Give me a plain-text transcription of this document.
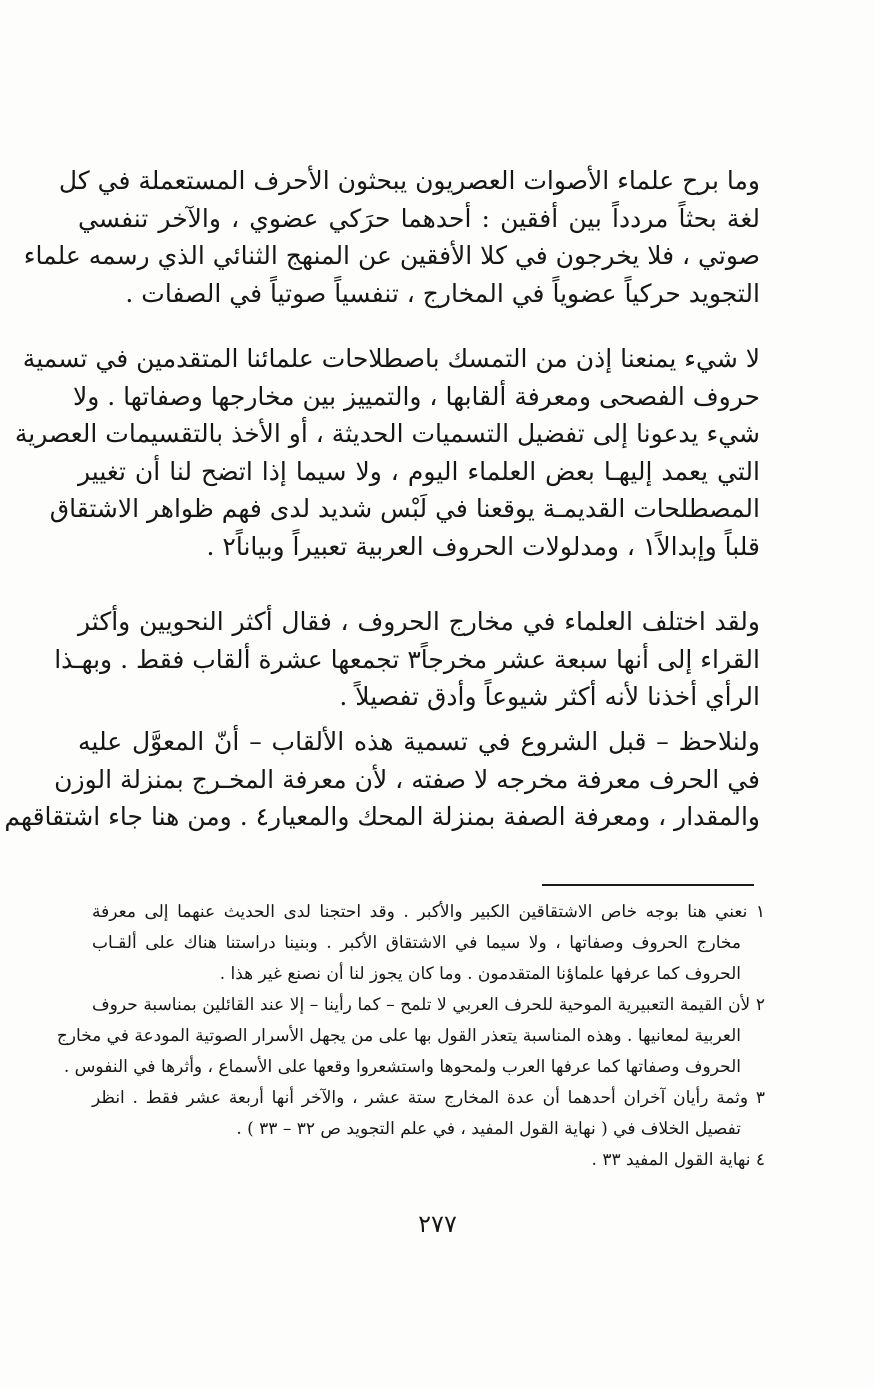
وما برح علماء الأصوات العصريون يبحثون الأحرف المستعملة في كل
لغة بحثاً مردداً بين أفقين : أحدهما حرَكي عضوي ، والآخر تنفسي
صوتي ، فلا يخرجون في كلا الأفقين عن المنهج الثنائي الذي رسمه علماء
التجويد حركياً عضوياً في المخارج ، تنفسياً صوتياً في الصفات .
لا شيء يمنعنا إذن من التمسك باصطلاحات علمائنا المتقدمين في تسمية
حروف الفصحى ومعرفة ألقابها ، والتمييز بين مخارجها وصفاتها . ولا
شيء يدعونا إلى تفضيل التسميات الحديثة ، أو الأخذ بالتقسيمات العصرية
التي يعمد إليهـا بعض العلماء اليوم ، ولا سيما إذا اتضح لنا أن تغيير
المصطلحات القديمـة يوقعنا في لَبْس شديد لدى فهم ظواهر الاشتقاق
قلباً وإبدالاً١ ، ومدلولات الحروف العربية تعبيراً وبياناً٢ .
ولقد اختلف العلماء في مخارج الحروف ، فقال أكثر النحويين وأكثر
القراء إلى أنها سبعة عشر مخرجاً٣ تجمعها عشرة ألقاب فقط . وبهـذا
الرأي أخذنا لأنه أكثر شيوعاً وأدق تفصيلاً .
ولنلاحظ – قبل الشروع في تسمية هذه الألقاب – أنّ المعوَّل عليه
في الحرف معرفة مخرجه لا صفته ، لأن معرفة المخـرج بمنزلة الوزن
والمقدار ، ومعرفة الصفة بمنزلة المحك والمعيار٤ . ومن هنا جاء اشتقاقهم
١ نعني هنا بوجه خاص الاشتقاقين الكبير والأكبر . وقد احتجنا لدى الحديث عنهما إلى معرفة
مخارج الحروف وصفاتها ، ولا سيما في الاشتقاق الأكبر . وبنينا دراستنا هناك على ألقـاب
الحروف كما عرفها علماؤنا المتقدمون . وما كان يجوز لنا أن نصنع غير هذا .
٢ لأن القيمة التعبيرية الموحية للحرف العربي لا تلمح – كما رأينا – إلا عند القائلين بمناسبة حروف
العربية لمعانيها . وهذه المناسبة يتعذر القول بها على من يجهل الأسرار الصوتية المودعة في مخارج
الحروف وصفاتها كما عرفها العرب ولمحوها واستشعروا وقعها على الأسماع ، وأثرها في النفوس .
٣ وثمة رأيان آخران أحدهما أن عدة المخارج ستة عشر ، والآخر أنها أربعة عشر فقط . انظر
تفصيل الخلاف في ( نهاية القول المفيد ، في علم التجويد ص ٣٢ – ٣٣ ) .
٤ نهاية القول المفيد ٣٣ .
٢٧٧
